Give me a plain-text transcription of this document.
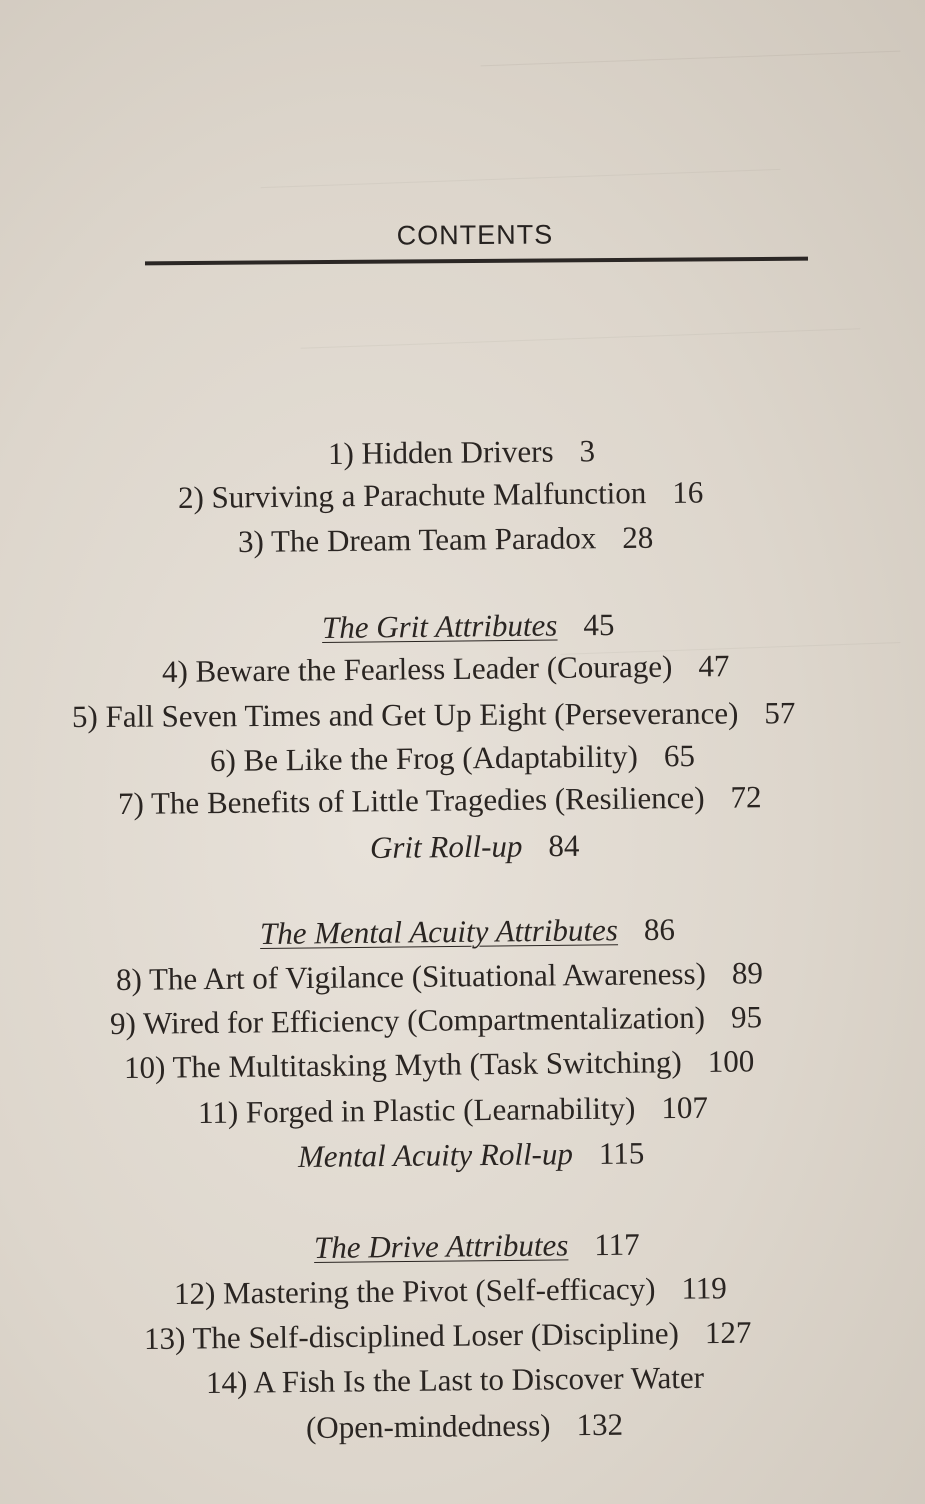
CONTENTS
1) Hidden Drivers 3
2) Surviving a Parachute Malfunction 16
3) The Dream Team Paradox 28
The Grit Attributes 45
4) Beware the Fearless Leader (Courage) 47
5) Fall Seven Times and Get Up Eight (Perseverance) 57
6) Be Like the Frog (Adaptability) 65
7) The Benefits of Little Tragedies (Resilience) 72
Grit Roll-up 84
The Mental Acuity Attributes 86
8) The Art of Vigilance (Situational Awareness) 89
9) Wired for Efficiency (Compartmentalization) 95
10) The Multitasking Myth (Task Switching) 100
11) Forged in Plastic (Learnability) 107
Mental Acuity Roll-up 115
The Drive Attributes 117
12) Mastering the Pivot (Self-efficacy) 119
13) The Self-disciplined Loser (Discipline) 127
14) A Fish Is the Last to Discover Water
(Open-mindedness) 132
